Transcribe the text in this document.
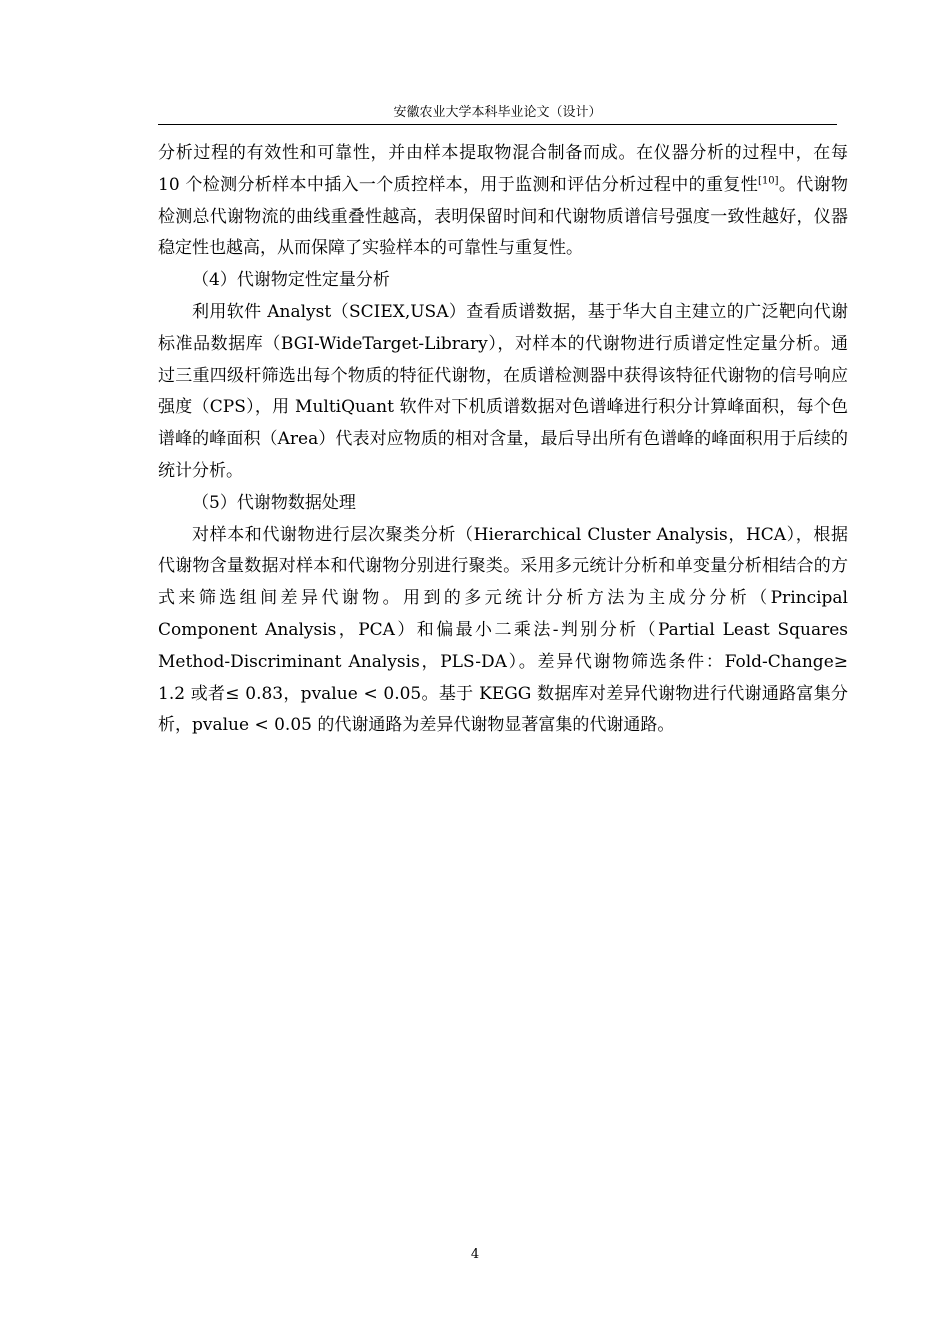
安徽农业大学本科毕业论文（设计）

分析过程的有效性和可靠性，并由样本提取物混合制备而成。在仪器分析的过程中，在每 10 个检测分析样本中插入一个质控样本，用于监测和评估分析过程中的重复性[10]。代谢物检测总代谢物流的曲线重叠性越高，表明保留时间和代谢物质谱信号强度一致性越好，仪器稳定性也越高，从而保障了实验样本的可靠性与重复性。

（4）代谢物定性定量分析

利用软件 Analyst（SCIEX,USA）查看质谱数据，基于华大自主建立的广泛靶向代谢标准品数据库（BGI-WideTarget-Library），对样本的代谢物进行质谱定性定量分析。通过三重四级杆筛选出每个物质的特征代谢物，在质谱检测器中获得该特征代谢物的信号响应强度（CPS），用 MultiQuant 软件对下机质谱数据对色谱峰进行积分计算峰面积，每个色谱峰的峰面积（Area）代表对应物质的相对含量，最后导出所有色谱峰的峰面积用于后续的统计分析。

（5）代谢物数据处理

对样本和代谢物进行层次聚类分析（Hierarchical Cluster Analysis，HCA），根据代谢物含量数据对样本和代谢物分别进行聚类。采用多元统计分析和单变量分析相结合的方式来筛选组间差异代谢物。用到的多元统计分析方法为主成分分析（Principal Component Analysis，PCA）和偏最小二乘法-判别分析（Partial Least Squares Method-Discriminant Analysis，PLS-DA）。差异代谢物筛选条件：Fold-Change≥ 1.2 或者≤ 0.83，pvalue < 0.05。基于 KEGG 数据库对差异代谢物进行代谢通路富集分析，pvalue < 0.05 的代谢通路为差异代谢物显著富集的代谢通路。

4
